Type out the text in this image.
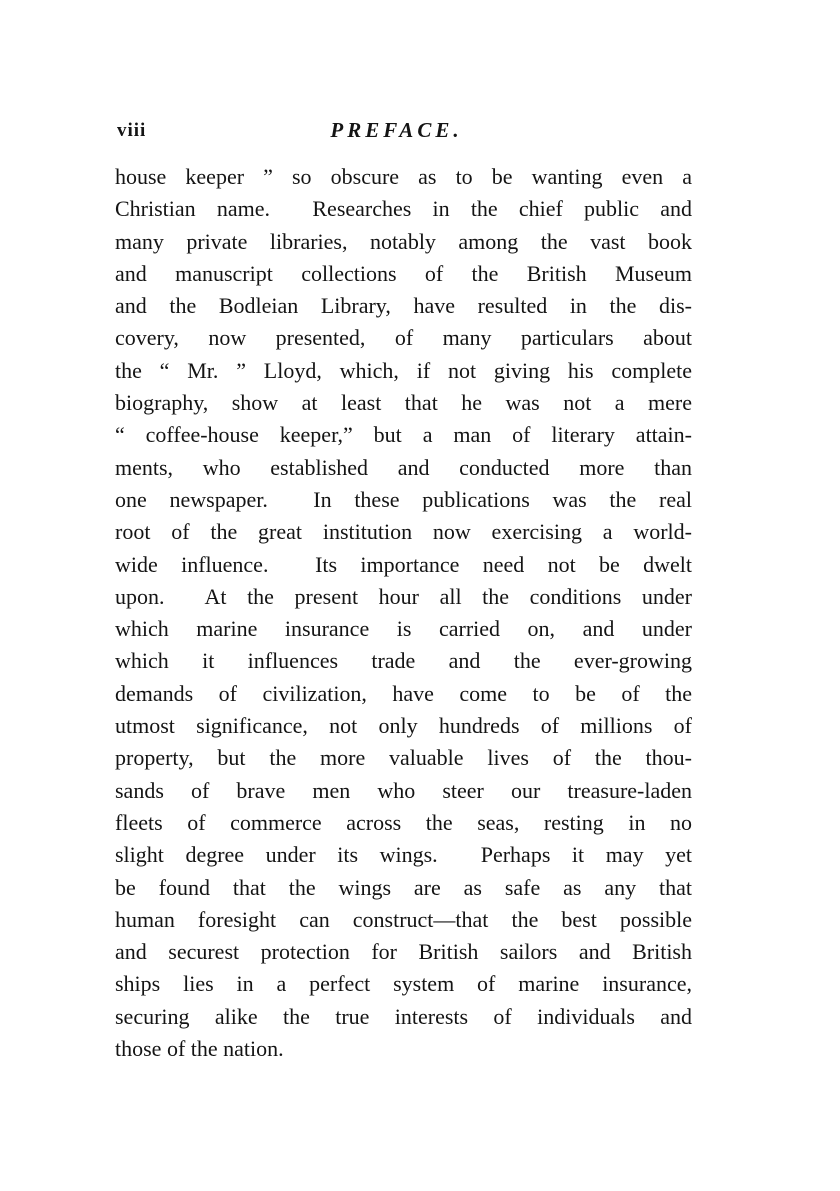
viii	PREFACE.
house keeper ” so obscure as to be wanting even a
Christian name.  Researches in the chief public and
many private libraries, notably among the vast book
and manuscript collections of the British Museum
and the Bodleian Library, have resulted in the dis-
covery, now presented, of many particulars about
the “ Mr. ” Lloyd, which, if not giving his complete
biography, show at least that he was not a mere
“ coffee-house keeper,” but a man of literary attain-
ments, who established and conducted more than
one newspaper.  In these publications was the real
root of the great institution now exercising a world-
wide influence.  Its importance need not be dwelt
upon.  At the present hour all the conditions under
which marine insurance is carried on, and under
which it influences trade and the ever-growing
demands of civilization, have come to be of the
utmost significance, not only hundreds of millions of
property, but the more valuable lives of the thou-
sands of brave men who steer our treasure-laden
fleets of commerce across the seas, resting in no
slight degree under its wings.  Perhaps it may yet
be found that the wings are as safe as any that
human foresight can construct—that the best possible
and securest protection for British sailors and British
ships lies in a perfect system of marine insurance,
securing alike the true interests of individuals and
those of the nation.
